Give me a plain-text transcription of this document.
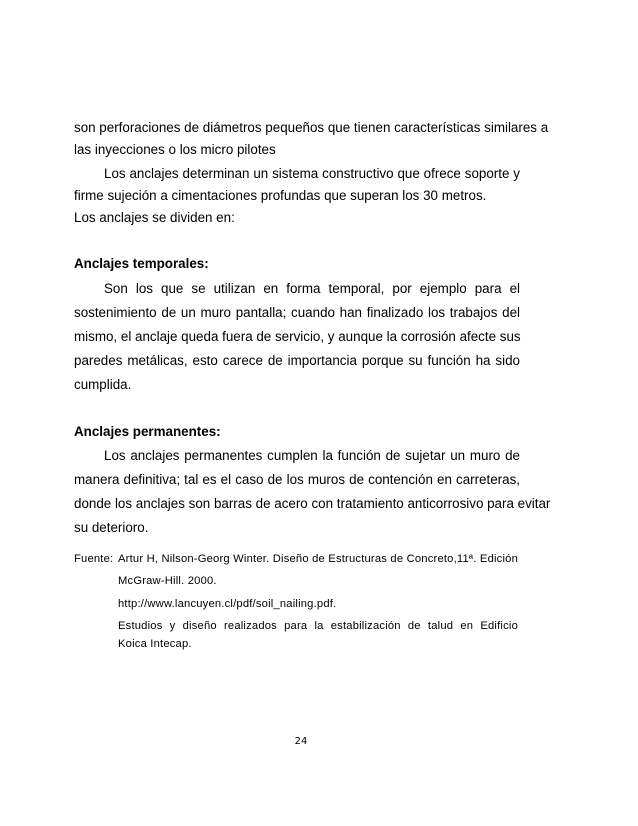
son perforaciones de diámetros pequeños que tienen características similares a
las inyecciones o los micro pilotes
Los anclajes determinan un sistema constructivo que ofrece soporte y
firme sujeción a cimentaciones profundas que superan los 30 metros.
Los anclajes se dividen en:
Anclajes temporales:
Son los que se utilizan en forma temporal, por ejemplo para el
sostenimiento de un muro pantalla; cuando han finalizado los trabajos del
mismo, el anclaje queda fuera de servicio, y aunque la corrosión afecte sus
paredes metálicas, esto carece de importancia porque su función ha sido
cumplida.
Anclajes permanentes:
Los anclajes permanentes cumplen la función de sujetar un muro de
manera definitiva; tal es el caso de los muros de contención en carreteras,
donde los anclajes son barras de acero con tratamiento anticorrosivo para evitar
su deterioro.
Fuente: Artur H, Nilson-Georg Winter. Diseño de Estructuras de Concreto,11ª. Edición
McGraw-Hill. 2000.
http://www.lancuyen.cl/pdf/soil_nailing.pdf.
Estudios y diseño realizados para la estabilización de talud en Edificio
Koica Intecap.
24
